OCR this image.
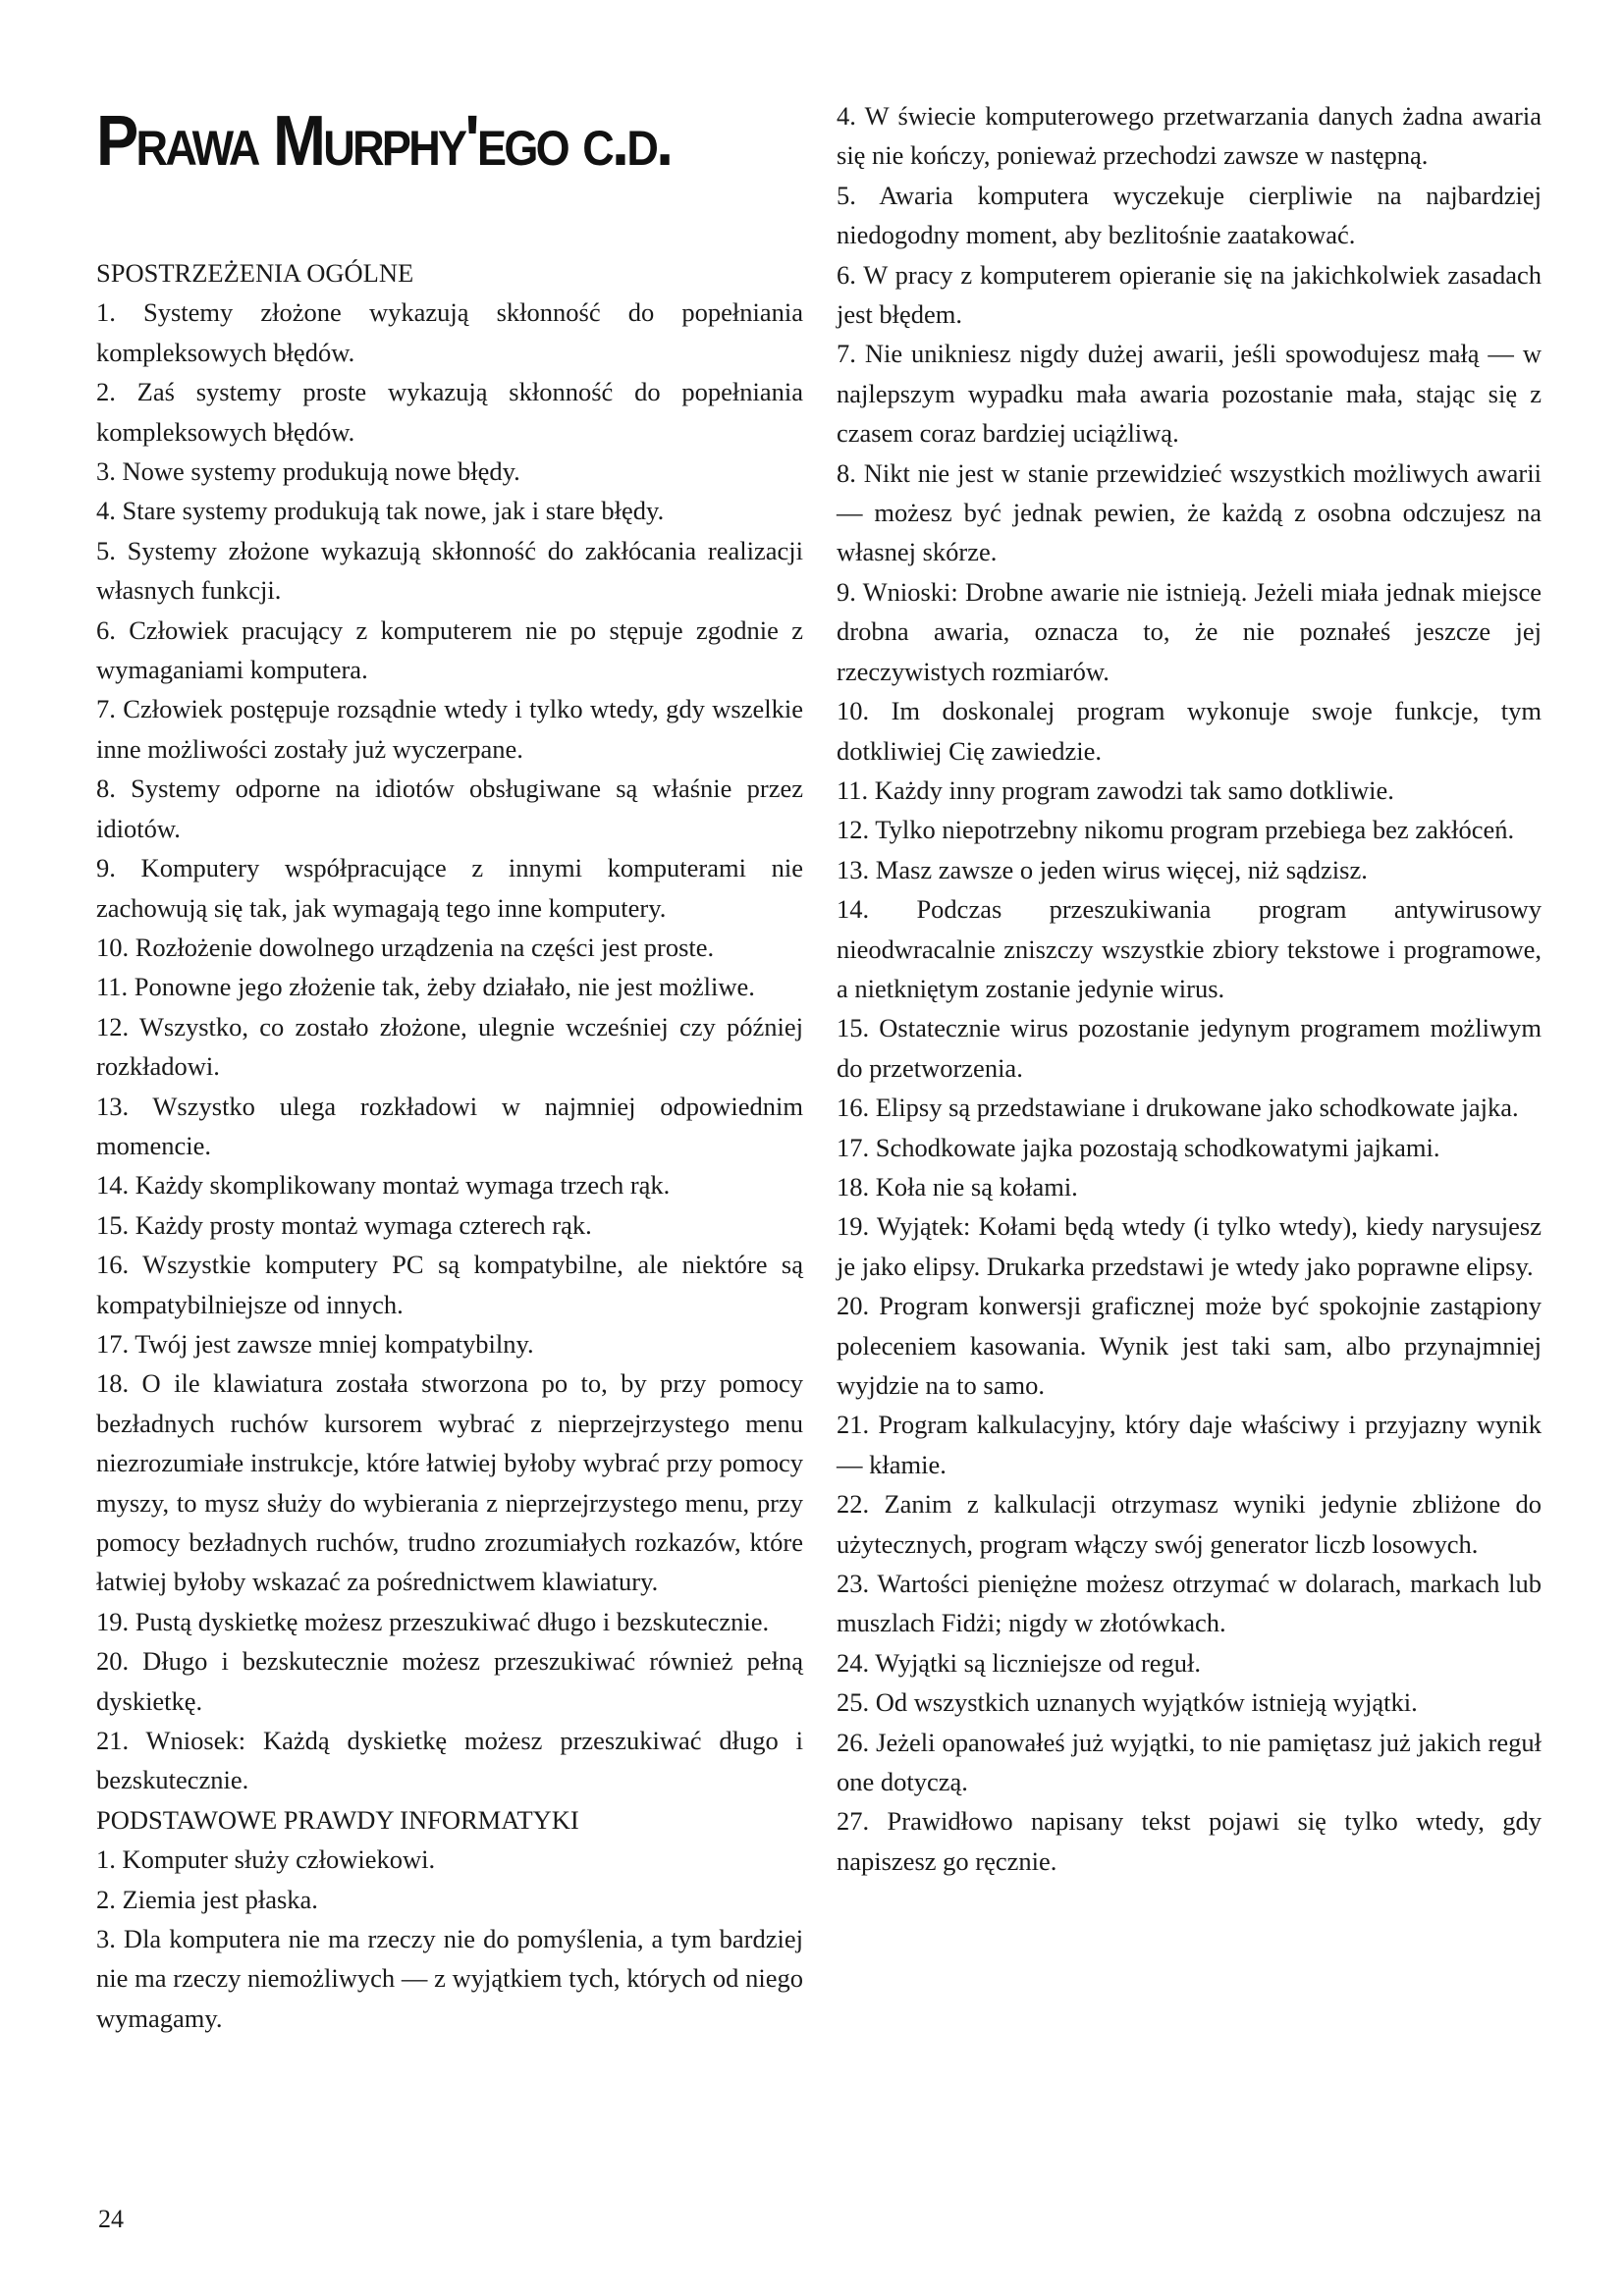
Prawa Murphy'ego c.d.

SPOSTRZEŻENIA OGÓLNE

1. Systemy złożone wykazują skłonność do popełniania kompleksowych błędów.

2. Zaś systemy proste wykazują skłonność do popełniania kompleksowych błędów.

3. Nowe systemy produkują nowe błędy.

4. Stare systemy produkują tak nowe, jak i stare błędy.

5. Systemy złożone wykazują skłonność do zakłócania realizacji własnych funkcji.

6. Człowiek pracujący z komputerem nie po stępuje zgodnie z wymaganiami komputera.

7. Człowiek postępuje rozsądnie wtedy i tylko wtedy, gdy wszelkie inne możliwości zostały już wyczerpane.

8. Systemy odporne na idiotów obsługiwane są właśnie przez idiotów.

9. Komputery współpracujące z innymi komputerami nie zachowują się tak, jak wymagają tego inne komputery.

10. Rozłożenie dowolnego urządzenia na części jest proste.

11. Ponowne jego złożenie tak, żeby działało, nie jest możliwe.

12. Wszystko, co zostało złożone, ulegnie wcześniej czy później rozkładowi.

13. Wszystko ulega rozkładowi w najmniej odpowiednim momencie.

14. Każdy skomplikowany montaż wymaga trzech rąk.

15. Każdy prosty montaż wymaga czterech rąk.

16. Wszystkie komputery PC są kompatybilne, ale niektóre są kompatybilniejsze od innych.

17. Twój jest zawsze mniej kompatybilny.

18. O ile klawiatura została stworzona po to, by przy pomocy bezładnych ruchów kursorem wybrać z nieprzejrzystego menu niezrozumiałe instrukcje, które łatwiej byłoby wybrać przy pomocy myszy, to mysz służy do wybierania z nieprzejrzystego menu, przy pomocy bezładnych ruchów, trudno zrozumiałych rozkazów, które łatwiej byłoby wskazać za pośrednictwem klawiatury.

19. Pustą dyskietkę możesz przeszukiwać długo i bezskutecznie.

20. Długo i bezskutecznie możesz przeszukiwać również pełną dyskietkę.

21. Wniosek: Każdą dyskietkę możesz przeszukiwać długo i bezskutecznie.

PODSTAWOWE PRAWDY INFORMATYKI

1. Komputer służy człowiekowi.

2. Ziemia jest płaska.

3. Dla komputera nie ma rzeczy nie do pomyślenia, a tym bardziej nie ma rzeczy niemożliwych — z wyjątkiem tych, których od niego wymagamy.

4. W świecie komputerowego przetwarzania danych żadna awaria się nie kończy, ponieważ przechodzi zawsze w następną.

5. Awaria komputera wyczekuje cierpliwie na najbardziej niedogodny moment, aby bezlitośnie zaatakować.

6. W pracy z komputerem opieranie się na jakichkolwiek zasadach jest błędem.

7. Nie unikniesz nigdy dużej awarii, jeśli spowodujesz małą — w najlepszym wypadku mała awaria pozostanie mała, stając się z czasem coraz bardziej uciążliwą.

8. Nikt nie jest w stanie przewidzieć wszystkich możliwych awarii — możesz być jednak pewien, że każdą z osobna odczujesz na własnej skórze.

9. Wnioski: Drobne awarie nie istnieją. Jeżeli miała jednak miejsce drobna awaria, oznacza to, że nie poznałeś jeszcze jej rzeczywistych rozmiarów.

10. Im doskonalej program wykonuje swoje funkcje, tym dotkliwiej Cię zawiedzie.

11. Każdy inny program zawodzi tak samo dotkliwie.

12. Tylko niepotrzebny nikomu program przebiega bez zakłóceń.

13. Masz zawsze o jeden wirus więcej, niż sądzisz.

14. Podczas przeszukiwania program antywirusowy nieodwracalnie zniszczy wszystkie zbiory tekstowe i programowe, a nietkniętym zostanie jedynie wirus.

15. Ostatecznie wirus pozostanie jedynym programem możliwym do przetworzenia.

16. Elipsy są przedstawiane i drukowane jako schodkowate jajka.

17. Schodkowate jajka pozostają schodkowatymi jajkami.

18. Koła nie są kołami.

19. Wyjątek: Kołami będą wtedy (i tylko wtedy), kiedy narysujesz je jako elipsy. Drukarka przedstawi je wtedy jako poprawne elipsy.

20. Program konwersji graficznej może być spokojnie zastąpiony poleceniem kasowania. Wynik jest taki sam, albo przynajmniej wyjdzie na to samo.

21. Program kalkulacyjny, który daje właściwy i przyjazny wynik — kłamie.

22. Zanim z kalkulacji otrzymasz wyniki jedynie zbliżone do użytecznych, program włączy swój generator liczb losowych.

23. Wartości pieniężne możesz otrzymać w dolarach, markach lub muszlach Fidżi; nigdy w złotówkach.

24. Wyjątki są liczniejsze od reguł.

25. Od wszystkich uznanych wyjątków istnieją wyjątki.

26. Jeżeli opanowałeś już wyjątki, to nie pamiętasz już jakich reguł one dotyczą.

27. Prawidłowo napisany tekst pojawi się tylko wtedy, gdy napiszesz go ręcznie.

24
